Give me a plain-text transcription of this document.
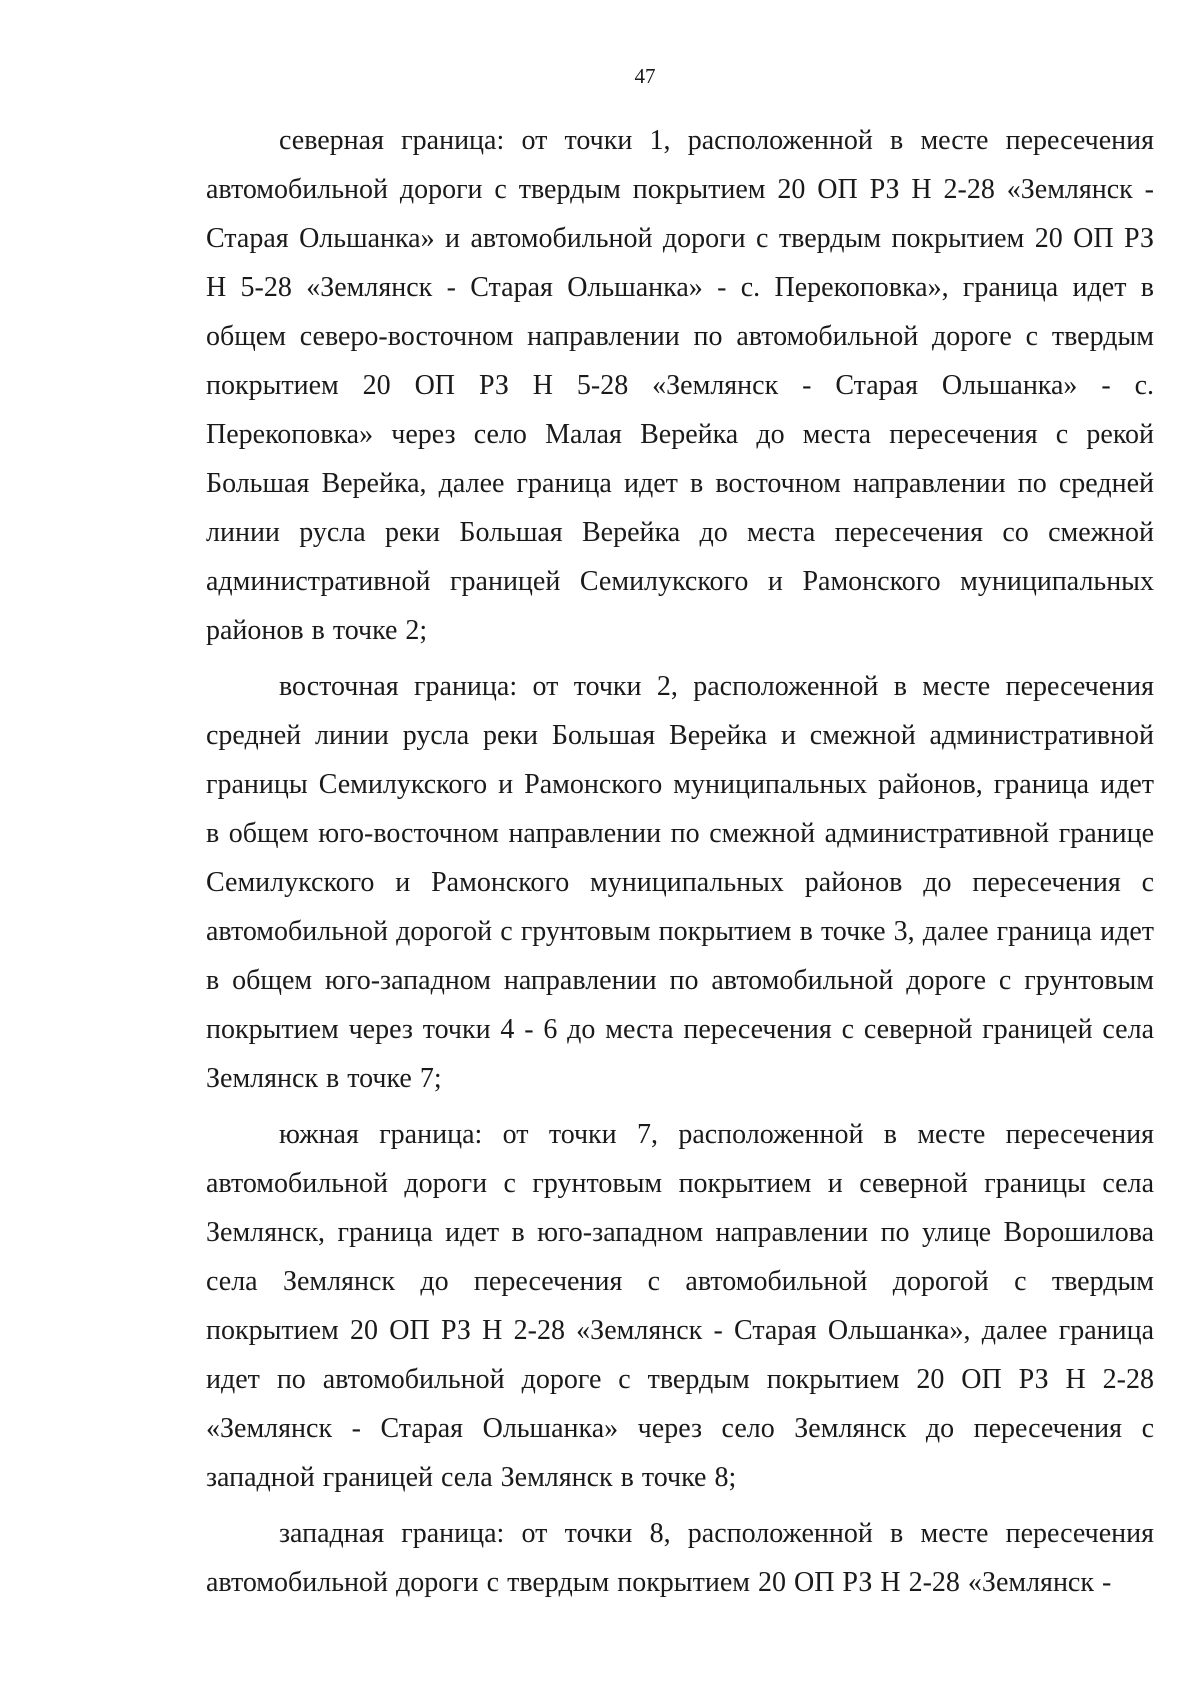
47

северная граница: от точки 1, расположенной в месте пересечения автомобильной дороги с твердым покрытием 20 ОП РЗ Н 2-28 «Землянск - Старая Ольшанка» и автомобильной дороги с твердым покрытием 20 ОП РЗ Н 5-28 «Землянск - Старая Ольшанка» - с. Перекоповка», граница идет в общем северо-восточном направлении по автомобильной дороге с твердым покрытием 20 ОП РЗ Н 5-28 «Землянск - Старая Ольшанка» - с. Перекоповка» через село Малая Верейка до места пересечения с рекой Большая Верейка, далее граница идет в восточном направлении по средней линии русла реки Большая Верейка до места пересечения со смежной административной границей Семилукского и Рамонского муниципальных районов в точке 2;

восточная граница: от точки 2, расположенной в месте пересечения средней линии русла реки Большая Верейка и смежной административной границы Семилукского и Рамонского муниципальных районов, граница идет в общем юго-восточном направлении по смежной административной границе Семилукского и Рамонского муниципальных районов до пересечения с автомобильной дорогой с грунтовым покрытием в точке 3, далее граница идет в общем юго-западном направлении по автомобильной дороге с грунтовым покрытием через точки 4 - 6 до места пересечения с северной границей села Землянск в точке 7;

южная граница: от точки 7, расположенной в месте пересечения автомобильной дороги с грунтовым покрытием и северной границы села Землянск, граница идет в юго-западном направлении по улице Ворошилова села Землянск до пересечения с автомобильной дорогой с твердым покрытием 20 ОП РЗ Н 2-28 «Землянск - Старая Ольшанка», далее граница идет по автомобильной дороге с твердым покрытием 20 ОП РЗ Н 2-28 «Землянск - Старая Ольшанка» через село Землянск до пересечения с западной границей села Землянск в точке 8;

западная граница: от точки 8, расположенной в месте пересечения автомобильной дороги с твердым покрытием 20 ОП РЗ Н 2-28 «Землянск -
